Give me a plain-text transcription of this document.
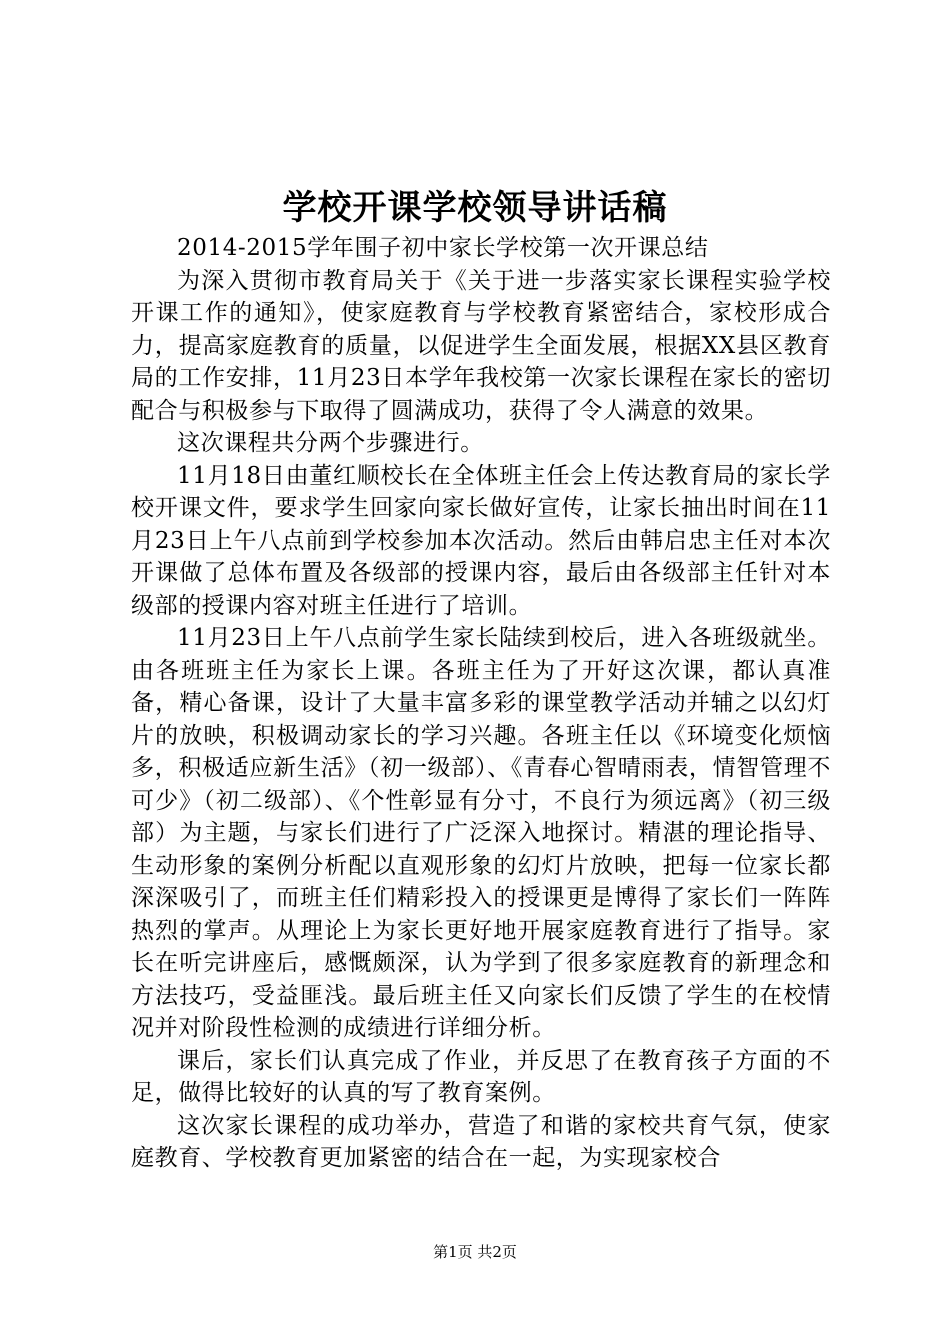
学校开课学校领导讲话稿

2014-2015学年围子初中家长学校第一次开课总结

为深入贯彻市教育局关于《关于进一步落实家长课程实验学校开课工作的通知》，使家庭教育与学校教育紧密结合，家校形成合力，提高家庭教育的质量，以促进学生全面发展，根据XX县区教育局的工作安排，11月23日本学年我校第一次家长课程在家长的密切配合与积极参与下取得了圆满成功，获得了令人满意的效果。

这次课程共分两个步骤进行。

11月18日由董红顺校长在全体班主任会上传达教育局的家长学校开课文件，要求学生回家向家长做好宣传，让家长抽出时间在11月23日上午八点前到学校参加本次活动。然后由韩启忠主任对本次开课做了总体布置及各级部的授课内容，最后由各级部主任针对本级部的授课内容对班主任进行了培训。

11月23日上午八点前学生家长陆续到校后，进入各班级就坐。由各班班主任为家长上课。各班主任为了开好这次课，都认真准备，精心备课，设计了大量丰富多彩的课堂教学活动并辅之以幻灯片的放映，积极调动家长的学习兴趣。各班主任以《环境变化烦恼多，积极适应新生活》（初一级部）、《青春心智晴雨表，情智管理不可少》（初二级部）、《个性彰显有分寸，不良行为须远离》（初三级部）为主题，与家长们进行了广泛深入地探讨。精湛的理论指导、生动形象的案例分析配以直观形象的幻灯片放映，把每一位家长都深深吸引了，而班主任们精彩投入的授课更是博得了家长们一阵阵热烈的掌声。从理论上为家长更好地开展家庭教育进行了指导。家长在听完讲座后，感慨颇深，认为学到了很多家庭教育的新理念和方法技巧，受益匪浅。最后班主任又向家长们反馈了学生的在校情况并对阶段性检测的成绩进行详细分析。

课后，家长们认真完成了作业，并反思了在教育孩子方面的不足，做得比较好的认真的写了教育案例。

这次家长课程的成功举办，营造了和谐的家校共育气氛，使家庭教育、学校教育更加紧密的结合在一起，为实现家校合

第1页 共2页
